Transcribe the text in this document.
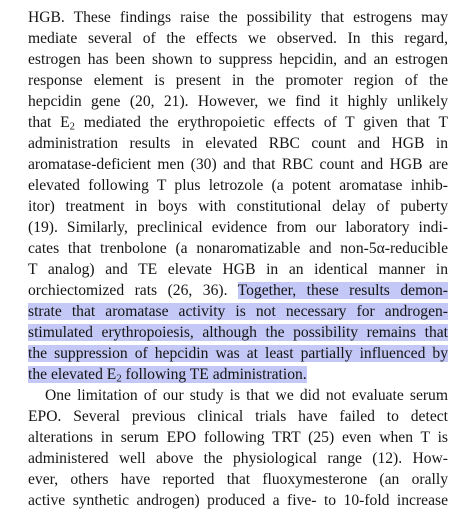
HGB. These findings raise the possibility that estrogens may
mediate several of the effects we observed. In this regard,
estrogen has been shown to suppress hepcidin, and an estrogen
response element is present in the promoter region of the
hepcidin gene (20, 21). However, we find it highly unlikely
that $E_2$ mediated the erythropoietic effects of T given that T
administration results in elevated RBC count and HGB in
aromatase-deficient men (30) and that RBC count and HGB are
elevated following T plus letrozole (a potent aromatase inhib-
itor) treatment in boys with constitutional delay of puberty
(19). Similarly, preclinical evidence from our laboratory indi-
cates that trenbolone (a nonaromatizable and non-5α-reducible
T analog) and TE elevate HGB in an identical manner in
orchiectomized rats (26, 36). Together, these results demon-
strate that aromatase activity is not necessary for androgen-
stimulated erythropoiesis, although the possibility remains that
the suppression of hepcidin was at least partially influenced by
the elevated $E_2$ following TE administration.
One limitation of our study is that we did not evaluate serum
EPO. Several previous clinical trials have failed to detect
alterations in serum EPO following TRT (25) even when T is
administered well above the physiological range (12). How-
ever, others have reported that fluoxymesterone (an orally
active synthetic androgen) produced a five- to 10-fold increase
